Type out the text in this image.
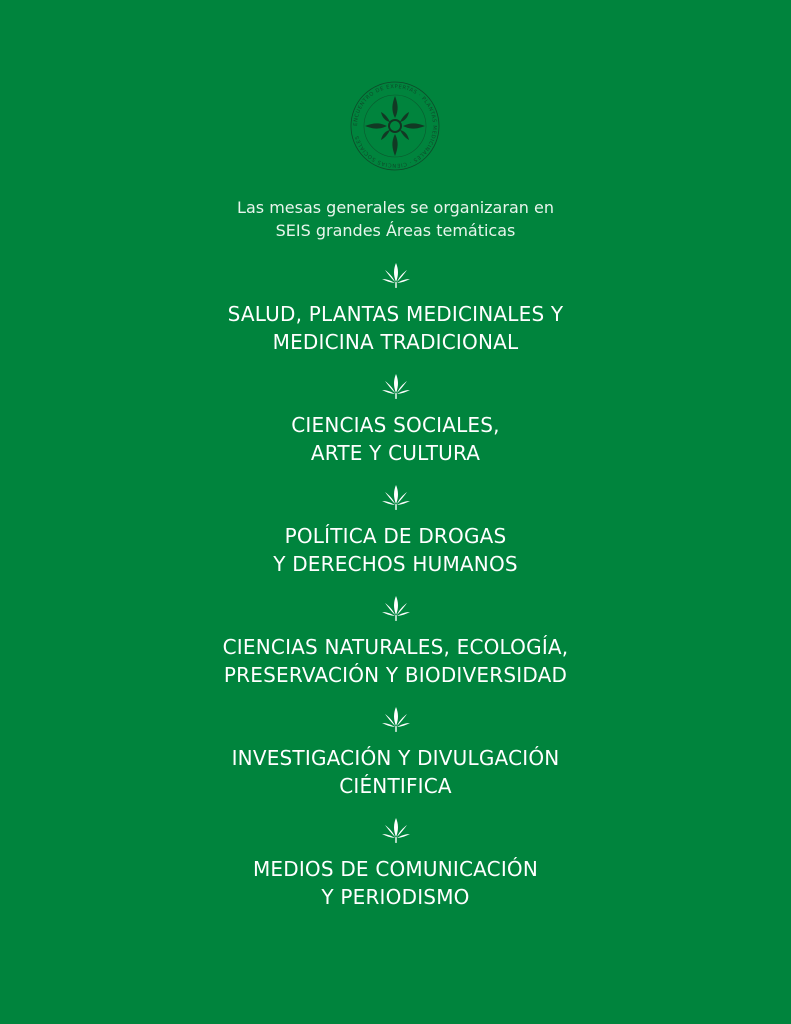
ENCUENTRO DE EXPERTAS · PLANTAS MEDICINALES · CIENCIAS SOCIALES
Las mesas generales se organizaran en
SEIS grandes Áreas temáticas
SALUD, PLANTAS MEDICINALES Y
MEDICINA TRADICIONAL
CIENCIAS SOCIALES,
ARTE Y CULTURA
POLÍTICA DE DROGAS
Y DERECHOS HUMANOS
CIENCIAS NATURALES, ECOLOGÍA,
PRESERVACIÓN Y BIODIVERSIDAD
INVESTIGACIÓN Y DIVULGACIÓN
CIÉNTIFICA
MEDIOS DE COMUNICACIÓN
Y PERIODISMO
